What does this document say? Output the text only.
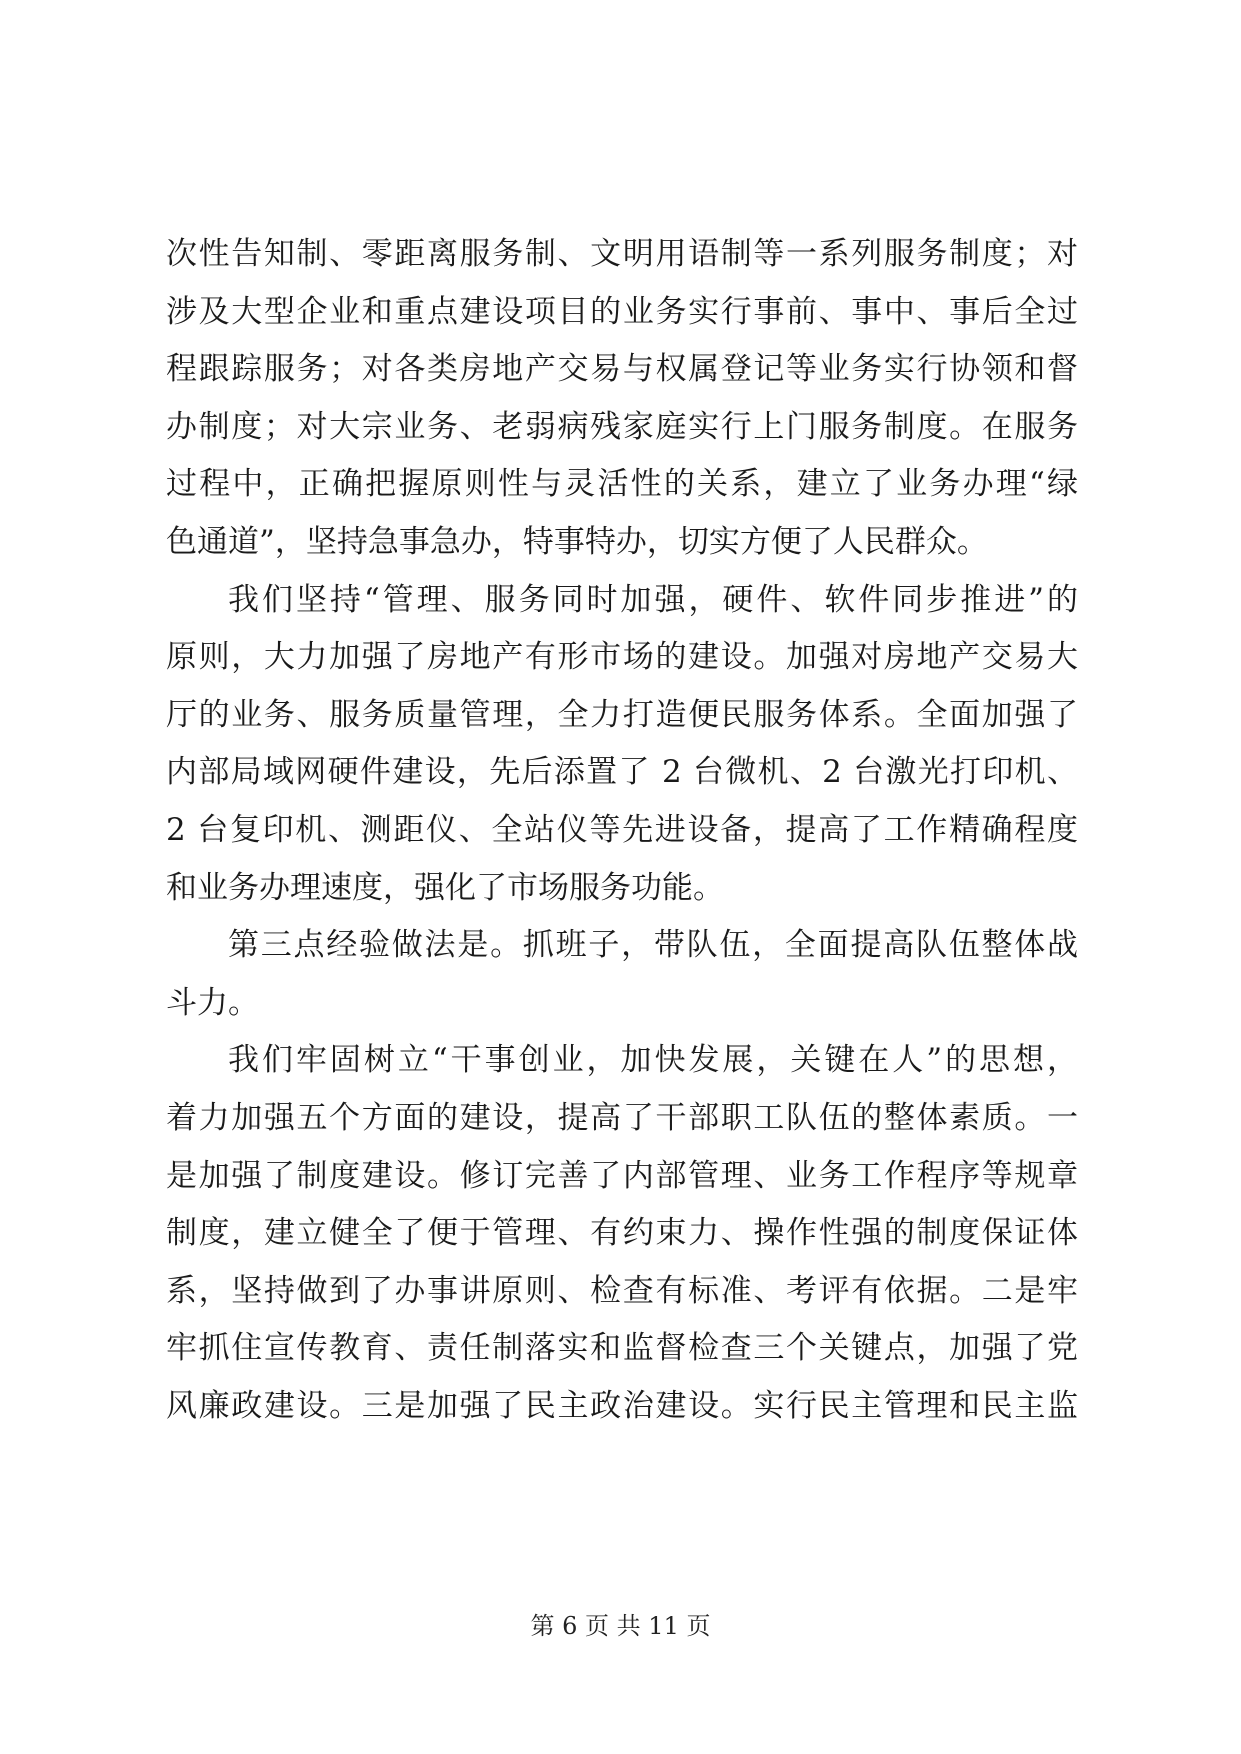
次性告知制、零距离服务制、文明用语制等一系列服务制度；对
涉及大型企业和重点建设项目的业务实行事前、事中、事后全过
程跟踪服务；对各类房地产交易与权属登记等业务实行协领和督
办制度；对大宗业务、老弱病残家庭实行上门服务制度。在服务
过程中，正确把握原则性与灵活性的关系，建立了业务办理“绿
色通道”，坚持急事急办，特事特办，切实方便了人民群众。
我们坚持“管理、服务同时加强，硬件、软件同步推进”的
原则，大力加强了房地产有形市场的建设。加强对房地产交易大
厅的业务、服务质量管理，全力打造便民服务体系。全面加强了
内部局域网硬件建设，先后添置了 2 台微机、2 台激光打印机、
2 台复印机、测距仪、全站仪等先进设备，提高了工作精确程度
和业务办理速度，强化了市场服务功能。
第三点经验做法是。抓班子，带队伍，全面提高队伍整体战
斗力。
我们牢固树立“干事创业，加快发展，关键在人”的思想，
着力加强五个方面的建设，提高了干部职工队伍的整体素质。一
是加强了制度建设。修订完善了内部管理、业务工作程序等规章
制度，建立健全了便于管理、有约束力、操作性强的制度保证体
系，坚持做到了办事讲原则、检查有标准、考评有依据。二是牢
牢抓住宣传教育、责任制落实和监督检查三个关键点，加强了党
风廉政建设。三是加强了民主政治建设。实行民主管理和民主监
第 6 页 共 11 页
